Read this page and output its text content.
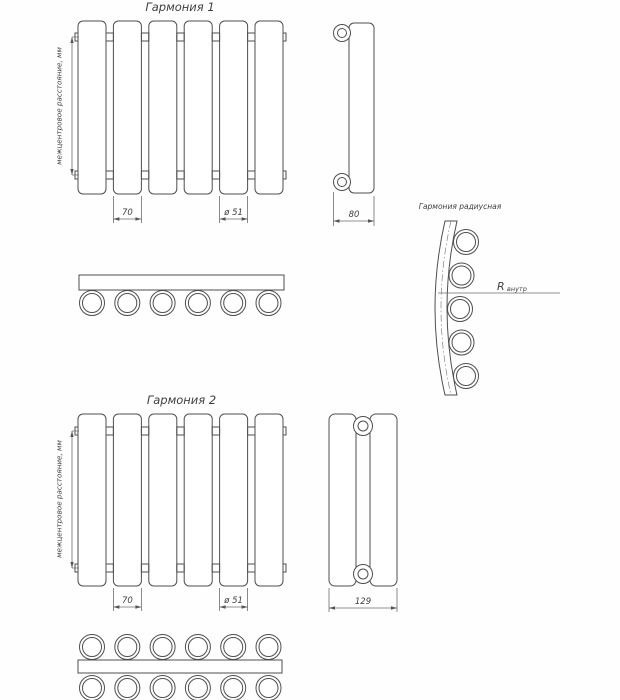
Гармония 1
межцентровое расстояние, мм
70	ø 51	80
Гармония радиусная
R внутр
Гармония 2
межцентровое расстояние, мм
70	ø 51	129
